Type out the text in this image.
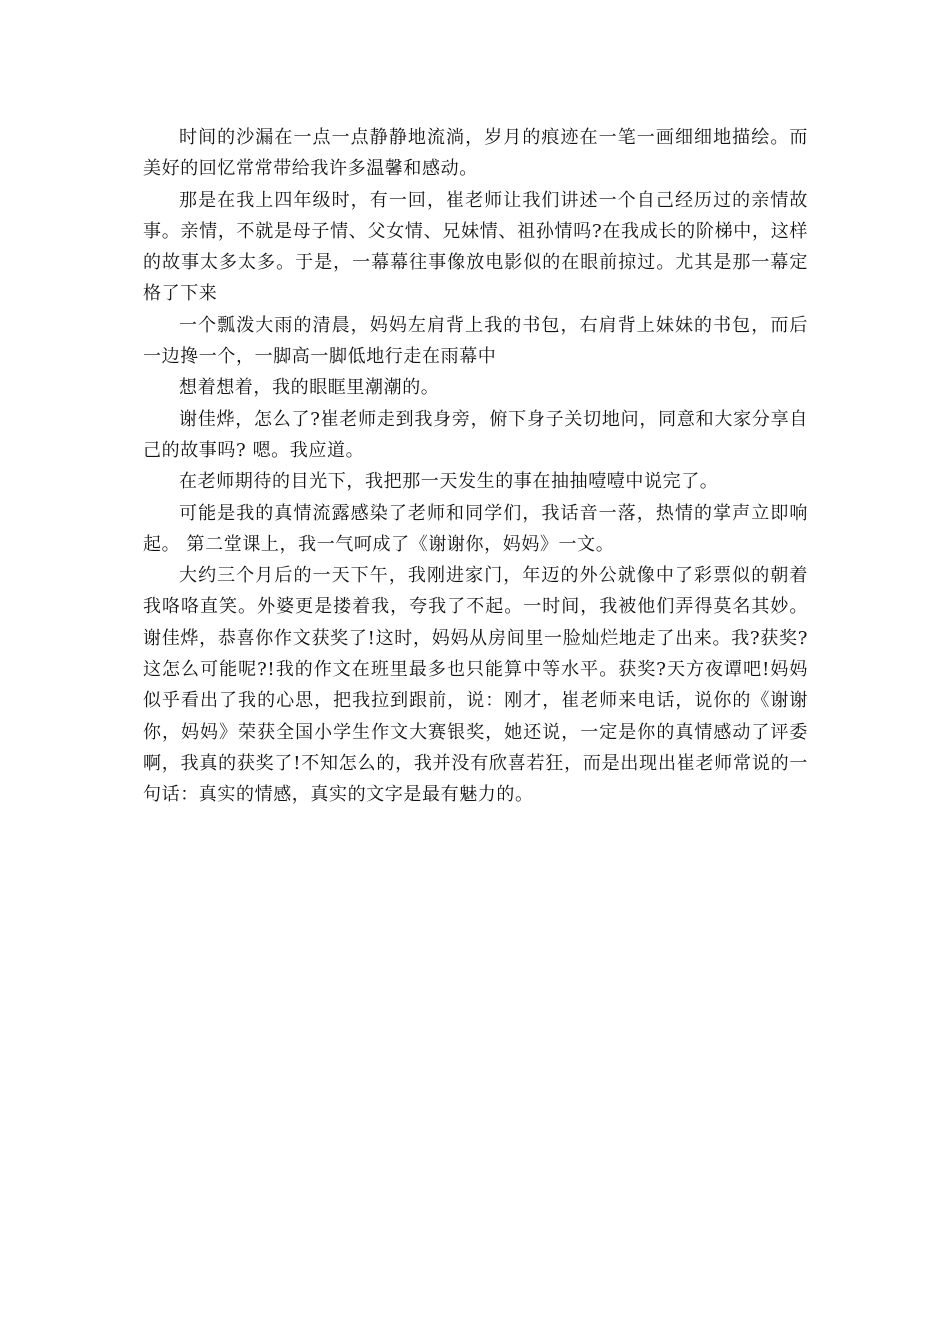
时间的沙漏在一点一点静静地流淌，岁月的痕迹在一笔一画细细地描绘。而美好的回忆常常带给我许多温馨和感动。

那是在我上四年级时，有一回，崔老师让我们讲述一个自己经历过的亲情故事。亲情，不就是母子情、父女情、兄妹情、祖孙情吗?在我成长的阶梯中，这样的故事太多太多。于是，一幕幕往事像放电影似的在眼前掠过。尤其是那一幕定格了下来

一个瓢泼大雨的清晨，妈妈左肩背上我的书包，右肩背上妹妹的书包，而后一边搀一个，一脚高一脚低地行走在雨幕中

想着想着，我的眼眶里潮潮的。

谢佳烨，怎么了?崔老师走到我身旁，俯下身子关切地问，同意和大家分享自己的故事吗? 嗯。我应道。

在老师期待的目光下，我把那一天发生的事在抽抽噎噎中说完了。

可能是我的真情流露感染了老师和同学们，我话音一落，热情的掌声立即响起。 第二堂课上，我一气呵成了《谢谢你，妈妈》一文。

大约三个月后的一天下午，我刚进家门，年迈的外公就像中了彩票似的朝着我咯咯直笑。外婆更是搂着我，夸我了不起。一时间，我被他们弄得莫名其妙。谢佳烨，恭喜你作文获奖了!这时，妈妈从房间里一脸灿烂地走了出来。我?获奖?这怎么可能呢?!我的作文在班里最多也只能算中等水平。获奖?天方夜谭吧!妈妈似乎看出了我的心思，把我拉到跟前，说：刚才，崔老师来电话，说你的《谢谢你，妈妈》荣获全国小学生作文大赛银奖，她还说，一定是你的真情感动了评委啊，我真的获奖了!不知怎么的，我并没有欣喜若狂，而是出现出崔老师常说的一句话：真实的情感，真实的文字是最有魅力的。
